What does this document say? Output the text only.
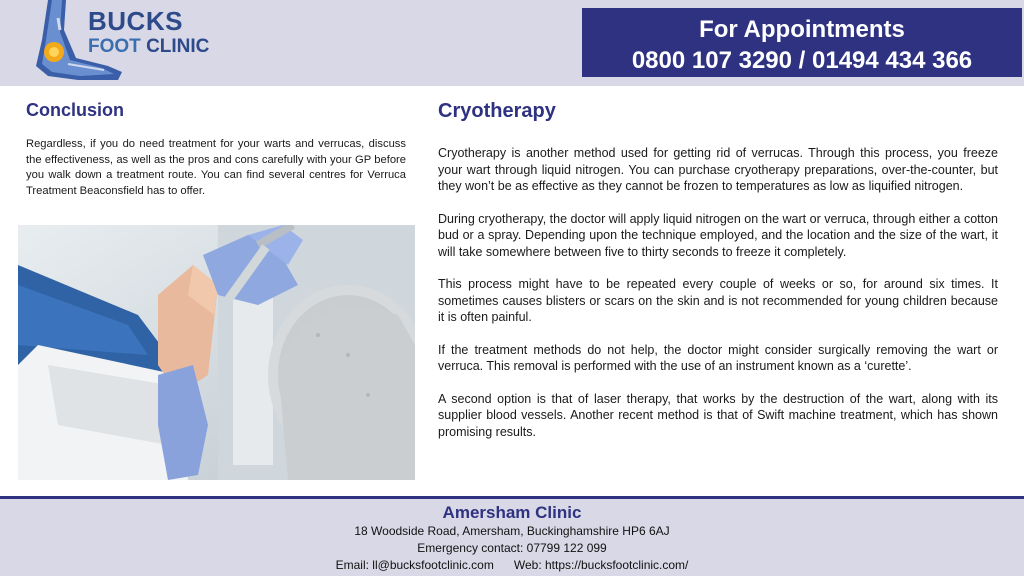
BUCKS
FOOT CLINIC
For Appointments
0800 107 3290 / 01494 434 366
Conclusion

Regardless, if you do need treatment for your warts and verrucas, discuss the effectiveness, as well as the pros and cons carefully with your GP before you walk down a treatment route. You can find several centres for Verruca Treatment Beaconsfield has to offer.

Cryotherapy

Cryotherapy is another method used for getting rid of verrucas. Through this process, you freeze your wart through liquid nitrogen. You can purchase cryotherapy preparations, over-the-counter, but they won’t be as effective as they cannot be frozen to temperatures as low as liquified nitrogen.

During cryotherapy, the doctor will apply liquid nitrogen on the wart or verruca, through either a cotton bud or a spray. Depending upon the technique employed, and the location and the size of the wart, it will take somewhere between five to thirty seconds to freeze it completely.

This process might have to be repeated every couple of weeks or so, for around six times. It sometimes causes blisters or scars on the skin and is not recommended for young children because it is often painful.

If the treatment methods do not help, the doctor might consider surgically removing the wart or verruca. This removal is performed with the use of an instrument known as a ‘curette’.

A second option is that of laser therapy, that works by the destruction of the wart, along with its supplier blood vessels. Another recent method is that of Swift machine treatment, which has shown promising results.

Amersham Clinic
18 Woodside Road, Amersham, Buckinghamshire HP6 6AJ
Emergency contact: 07799 122 099
Email: ll@bucksfootclinic.com Web: https://bucksfootclinic.com/
